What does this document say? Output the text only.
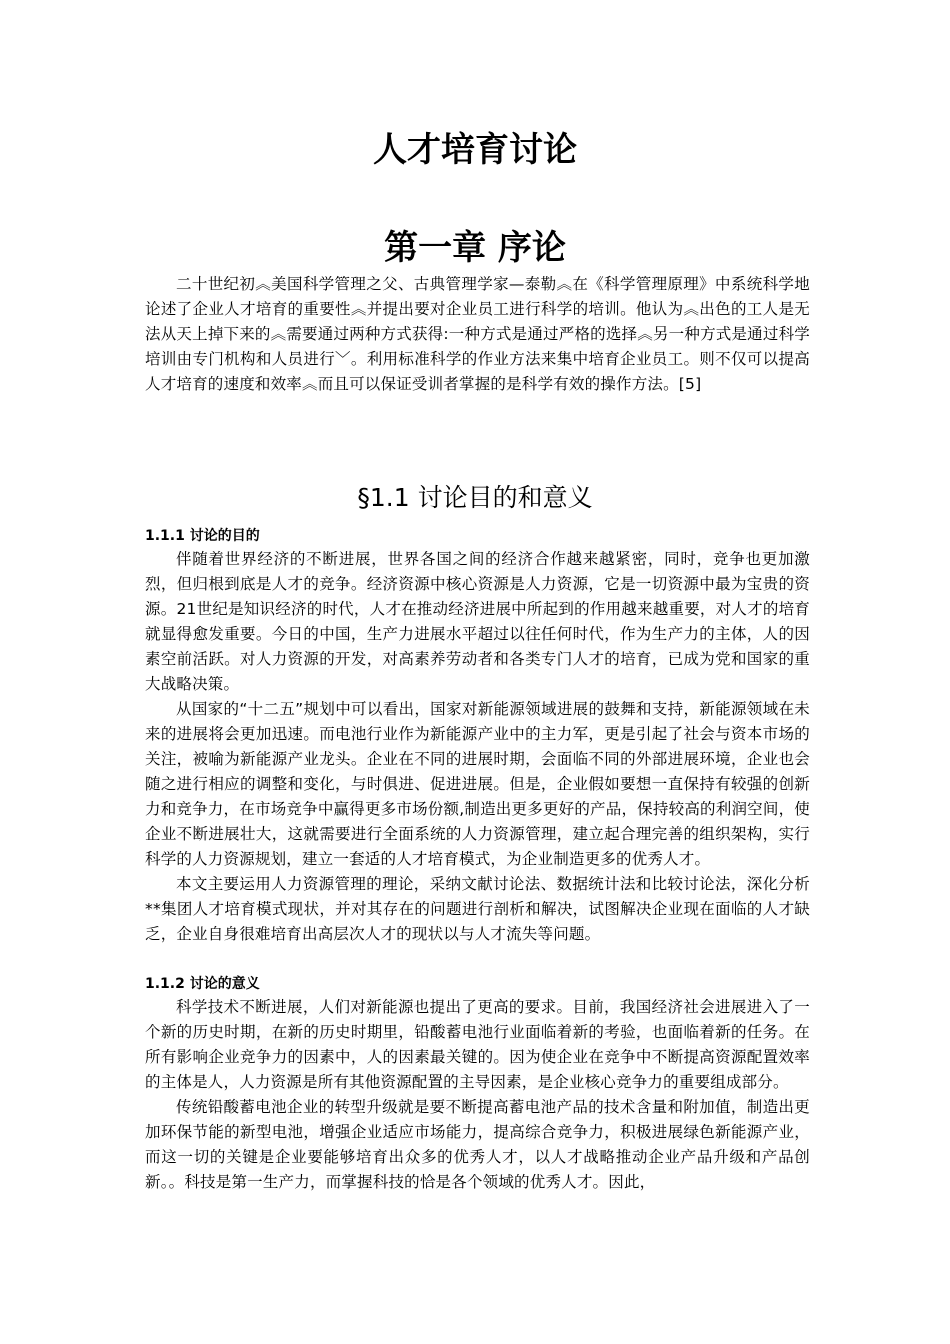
人才培育讨论
第一章 序论

二十世纪初︽美国科学管理之父、古典管理学家—泰勒︽在《科学管理原理》中系统科学地论述了企业人才培育的重要性︽并提出要对企业员工进行科学的培训。他认为︽出色的工人是无法从天上掉下来的︽需要通过两种方式获得:一种方式是通过严格的选择︽另一种方式是通过科学培训由专门机构和人员进行﹀。利用标准科学的作业方法来集中培育企业员工。则不仅可以提高人才培育的速度和效率︽而且可以保证受训者掌握的是科学有效的操作方法。[5]

§1.1 讨论目的和意义
1.1.1 讨论的目的

伴随着世界经济的不断进展，世界各国之间的经济合作越来越紧密，同时，竞争也更加激烈，但归根到底是人才的竞争。经济资源中核心资源是人力资源，它是一切资源中最为宝贵的资源。21世纪是知识经济的时代，人才在推动经济进展中所起到的作用越来越重要，对人才的培育就显得愈发重要。今日的中国，生产力进展水平超过以往任何时代，作为生产力的主体，人的因素空前活跃。对人力资源的开发，对高素养劳动者和各类专门人才的培育，已成为党和国家的重大战略决策。

从国家的“十二五”规划中可以看出，国家对新能源领域进展的鼓舞和支持，新能源领域在未来的进展将会更加迅速。而电池行业作为新能源产业中的主力军，更是引起了社会与资本市场的关注，被喻为新能源产业龙头。企业在不同的进展时期，会面临不同的外部进展环境，企业也会随之进行相应的调整和变化，与时俱进、促进进展。但是，企业假如要想一直保持有较强的创新力和竞争力，在市场竞争中赢得更多市场份额,制造出更多更好的产品，保持较高的利润空间，使企业不断进展壮大，这就需要进行全面系统的人力资源管理，建立起合理完善的组织架构，实行科学的人力资源规划，建立一套适的人才培育模式，为企业制造更多的优秀人才。

本文主要运用人力资源管理的理论，采纳文献讨论法、数据统计法和比较讨论法，深化分析**集团人才培育模式现状，并对其存在的问题进行剖析和解决，试图解决企业现在面临的人才缺乏，企业自身很难培育出高层次人才的现状以与人才流失等问题。

1.1.2 讨论的意义

科学技术不断进展，人们对新能源也提出了更高的要求。目前，我国经济社会进展进入了一个新的历史时期，在新的历史时期里，铅酸蓄电池行业面临着新的考验，也面临着新的任务。在所有影响企业竞争力的因素中，人的因素最关键的。因为使企业在竞争中不断提高资源配置效率的主体是人，人力资源是所有其他资源配置的主导因素，是企业核心竞争力的重要组成部分。

传统铅酸蓄电池企业的转型升级就是要不断提高蓄电池产品的技术含量和附加值，制造出更加环保节能的新型电池，增强企业适应市场能力，提高综合竞争力，积极进展绿色新能源产业，而这一切的关键是企业要能够培育出众多的优秀人才，以人才战略推动企业产品升级和产品创新。。科技是第一生产力，而掌握科技的恰是各个领域的优秀人才。因此，
